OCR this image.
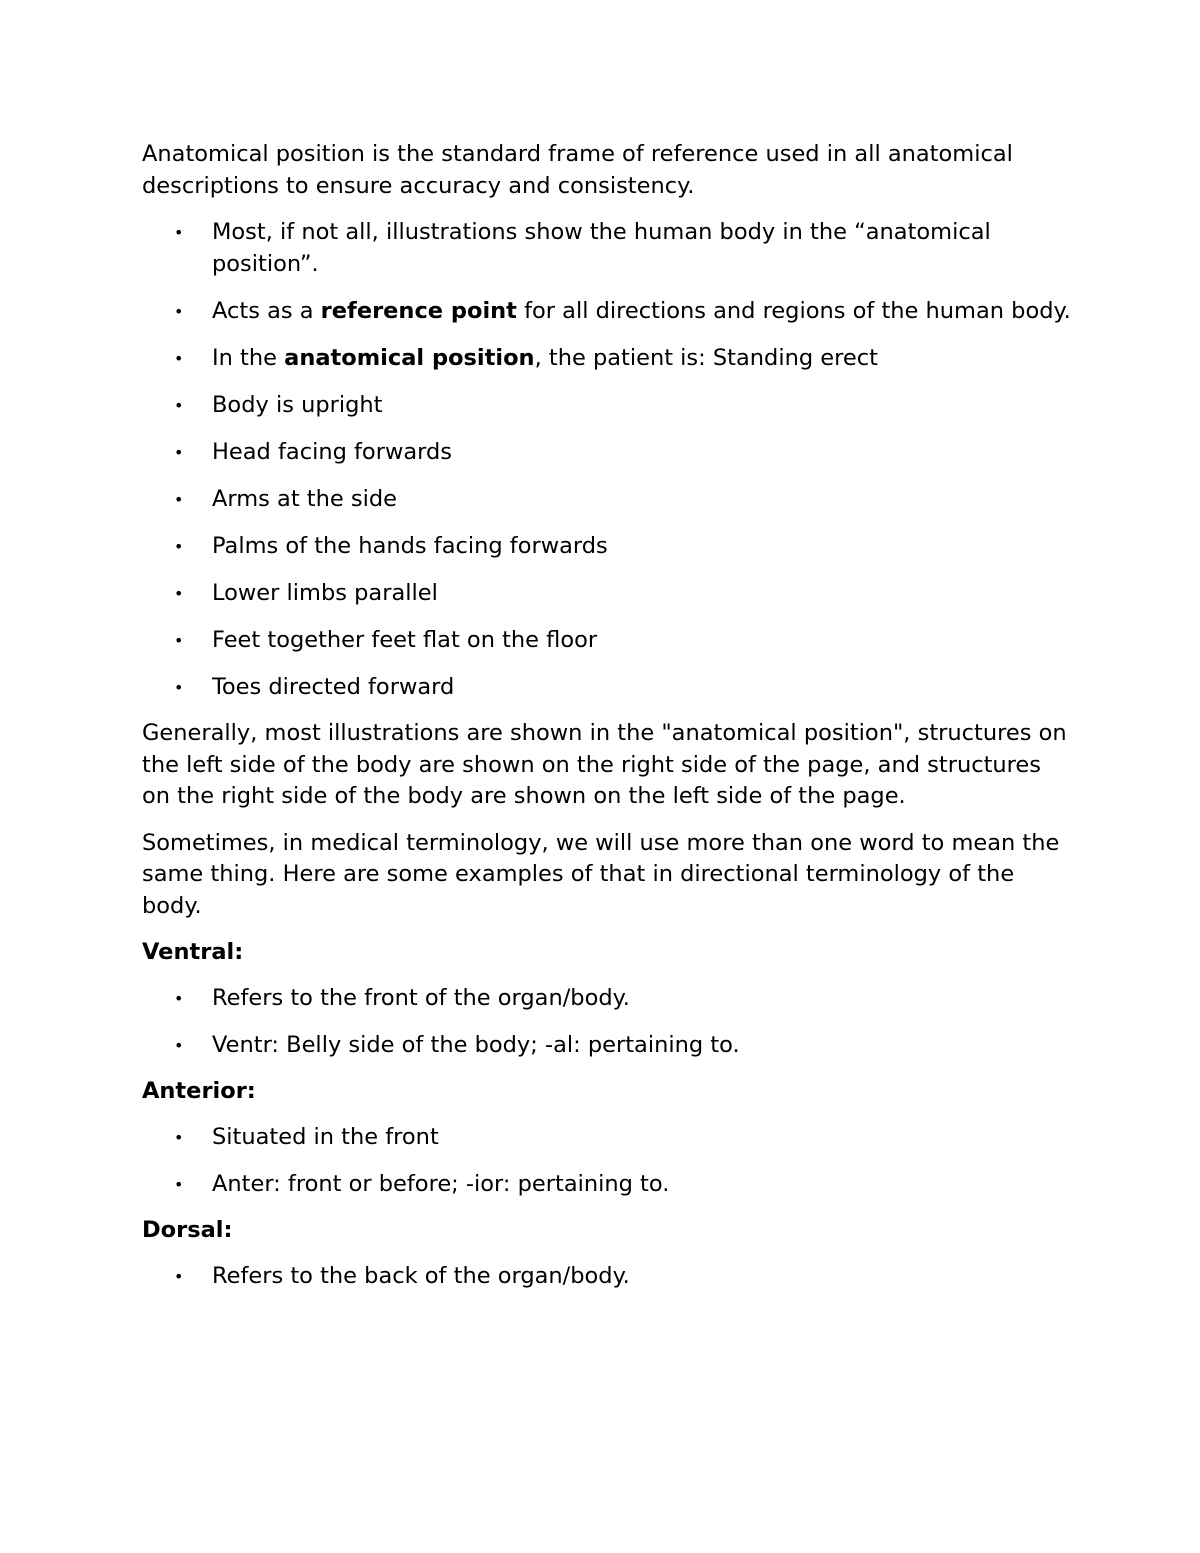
Anatomical position is the standard frame of reference used in all anatomical descriptions to ensure accuracy and consistency.

• Most, if not all, illustrations show the human body in the “anatomical position”.
• Acts as a reference point for all directions and regions of the human body.
• In the anatomical position, the patient is: Standing erect
• Body is upright
• Head facing forwards
• Arms at the side
• Palms of the hands facing forwards
• Lower limbs parallel
• Feet together feet flat on the floor
• Toes directed forward

Generally, most illustrations are shown in the "anatomical position", structures on the left side of the body are shown on the right side of the page, and structures on the right side of the body are shown on the left side of the page.

Sometimes, in medical terminology, we will use more than one word to mean the same thing. Here are some examples of that in directional terminology of the body.

Ventral:

• Refers to the front of the organ/body.
• Ventr: Belly side of the body; -al: pertaining to.

Anterior:

• Situated in the front
• Anter: front or before; -ior: pertaining to.

Dorsal:

• Refers to the back of the organ/body.
